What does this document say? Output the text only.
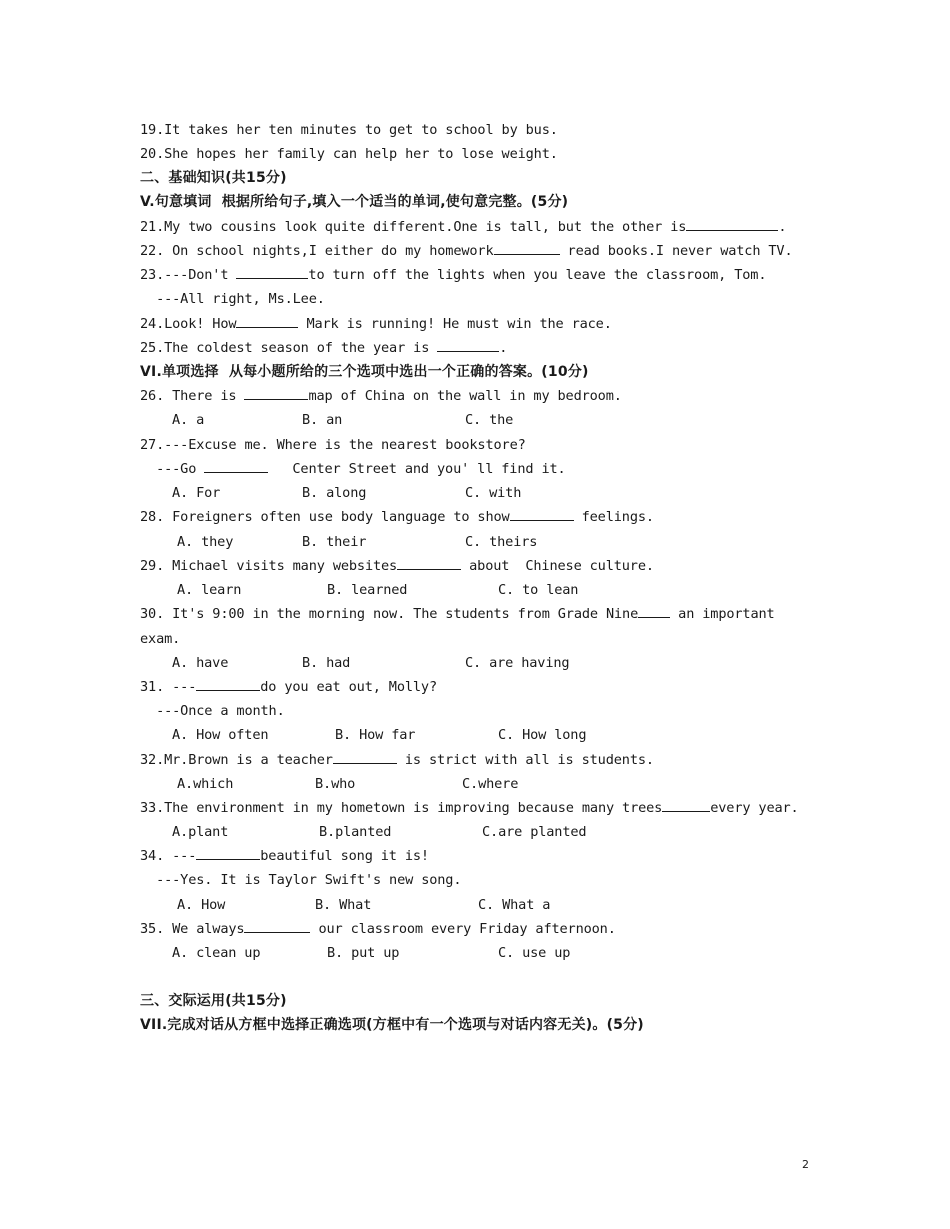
19.It takes her ten minutes to get to school by bus.
20.She hopes her family can help her to lose weight.
二、基础知识(共15分)
V.句意填词  根据所给句子,填入一个适当的单词,使句意完整。(5分)
21.My two cousins look quite different.One is tall, but the other is	.
22. On school nights,I either do my homework	read books.I never watch TV.
23.---Don't	to turn off the lights when you leave the classroom, Tom.
---All right, Ms.Lee.
24.Look! How	Mark is running! He must win the race.
25.The coldest season of the year is	.
VI.单项选择  从每小题所给的三个选项中选出一个正确的答案。(10分)
26. There is	map of China on the wall in my bedroom.
A. a	B. an	C. the
27.---Excuse me. Where is the nearest bookstore?
---Go	Center Street and you' ll find it.
A. For	B. along	C. with
28. Foreigners often use body language to show	feelings.
A. they	B. their	C. theirs
29. Michael visits many websites	about  Chinese culture.
A. learn	B. learned	C. to lean
30. It's 9:00 in the morning now. The students from Grade Nine an important
exam.
A. have	B. had	C. are having
31. ---	do you eat out, Molly?
---Once a month.
A. How often	B. How far	C. How long
32.Mr.Brown is a teacher	is strict with all is students.
A.which	B.who	C.where
33.The environment in my hometown is improving because many trees	every year.
A.plant	B.planted	C.are planted
34. ---	beautiful song it is!
---Yes. It is Taylor Swift's new song.
A. How	B. What	C. What a
35. We always	our classroom every Friday afternoon.
A. clean up	B. put up	C. use up
三、交际运用(共15分)
VII.完成对话从方框中选择正确选项(方框中有一个选项与对话内容无关)。(5分)
2
